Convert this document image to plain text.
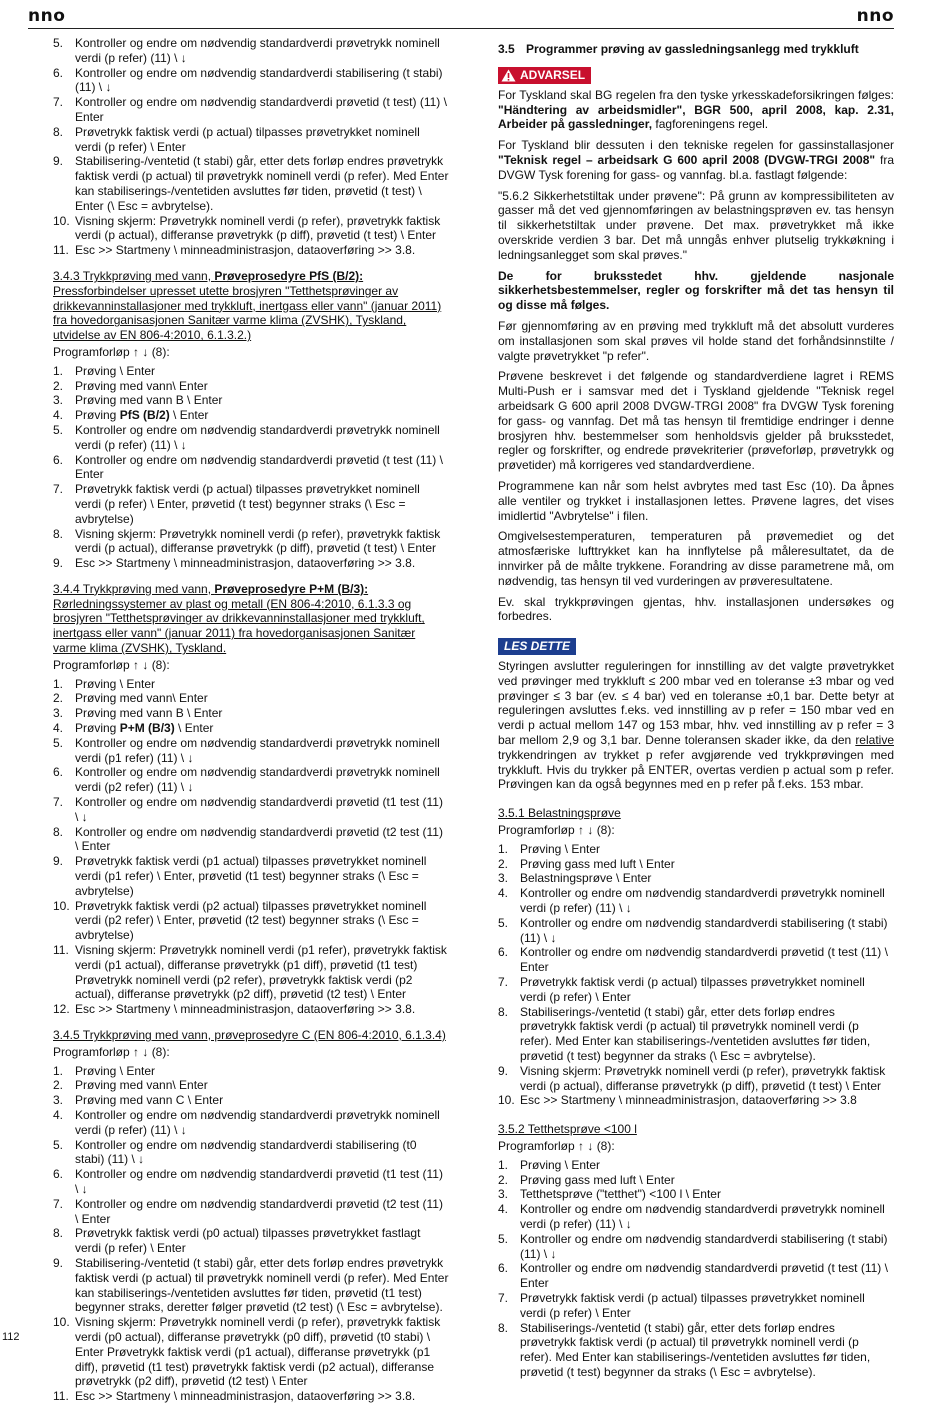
nno	nno
5. Kontroller og endre om nødvendig standardverdi prøvetrykk nominell verdi (p refer) (11) \ ↓
6. Kontroller og endre om nødvendig standardverdi stabilisering (t stabi) (11) \ ↓
7. Kontroller og endre om nødvendig standardverdi prøvetid (t test) (11) \ Enter
8. Prøvetrykk faktisk verdi (p actual) tilpasses prøvetrykket nominell verdi (p refer) \ Enter
9. Stabilisering-/ventetid (t stabi) går, etter dets forløp endres prøvetrykk faktisk verdi (p actual) til prøvetrykk nominell verdi (p refer). Med Enter kan stabiliserings-/ventetiden avsluttes før tiden, prøvetid (t test) \ Enter (\ Esc = avbrytelse).
10. Visning skjerm: Prøvetrykk nominell verdi (p refer), prøvetrykk faktisk verdi (p actual), differanse prøvetrykk (p diff), prøvetid (t test) \ Enter
11. Esc >> Startmeny \ minneadministrasjon, dataoverføring >> 3.8.
3.4.3 Trykkprøving med vann, Prøveprosedyre PfS (B/2): Pressforbindelser upresset utette brosjyren "Tetthetsprøvinger av drikkevanninstallasjoner med trykkluft, inertgass eller vann" (januar 2011) fra hovedorganisasjonen Sanitær varme klima (ZVSHK), Tyskland, utvidelse av EN 806-4:2010, 6.1.3.2.)
Programforløp ↑ ↓ (8):
1. Prøving \ Enter
2. Prøving med vann\ Enter
3. Prøving med vann B \ Enter
4. Prøving PfS (B/2) \ Enter
5. Kontroller og endre om nødvendig standardverdi prøvetrykk nominell verdi (p refer) (11) \ ↓
6. Kontroller og endre om nødvendig standardverdi prøvetid (t test (11) \ Enter
7. Prøvetrykk faktisk verdi (p actual) tilpasses prøvetrykket nominell verdi (p refer) \ Enter, prøvetid (t test) begynner straks (\ Esc = avbrytelse)
8. Visning skjerm: Prøvetrykk nominell verdi (p refer), prøvetrykk faktisk verdi (p actual), differanse prøvetrykk (p diff), prøvetid (t test) \ Enter
9. Esc >> Startmeny \ minneadministrasjon, dataoverføring >> 3.8.
3.4.4 Trykkprøving med vann, Prøveprosedyre P+M (B/3): Rørledningssystemer av plast og metall (EN 806-4:2010, 6.1.3.3 og brosjyren "Tetthetsprøvinger av drikkevanninstallasjoner med trykkluft, inertgass eller vann" (januar 2011) fra hovedorganisasjonen Sanitær varme klima (ZVSHK), Tyskland.
Programforløp ↑ ↓ (8):
1. Prøving \ Enter
2. Prøving med vann\ Enter
3. Prøving med vann B \ Enter
4. Prøving P+M (B/3) \ Enter
5. Kontroller og endre om nødvendig standardverdi prøvetrykk nominell verdi (p1 refer) (11) \ ↓
6. Kontroller og endre om nødvendig standardverdi prøvetrykk nominell verdi (p2 refer) (11) \ ↓
7. Kontroller og endre om nødvendig standardverdi prøvetid (t1 test (11) \ ↓
8. Kontroller og endre om nødvendig standardverdi prøvetid (t2 test (11) \ Enter
9. Prøvetrykk faktisk verdi (p1 actual) tilpasses prøvetrykket nominell verdi (p1 refer) \ Enter, prøvetid (t1 test) begynner straks (\ Esc = avbrytelse)
10. Prøvetrykk faktisk verdi (p2 actual) tilpasses prøvetrykket nominell verdi (p2 refer) \ Enter, prøvetid (t2 test) begynner straks (\ Esc = avbrytelse)
11. Visning skjerm: Prøvetrykk nominell verdi (p1 refer), prøvetrykk faktisk verdi (p1 actual), differanse prøvetrykk (p1 diff), prøvetid (t1 test) Prøvetrykk nominell verdi (p2 refer), prøvetrykk faktisk verdi (p2 actual), differanse prøvetrykk (p2 diff), prøvetid (t2 test) \ Enter
12. Esc >> Startmeny \ minneadministrasjon, dataoverføring >> 3.8.
3.4.5 Trykkprøving med vann, prøveprosedyre C (EN 806-4:2010, 6.1.3.4)
Programforløp ↑ ↓ (8):
1. Prøving \ Enter
2. Prøving med vann\ Enter
3. Prøving med vann C \ Enter
4. Kontroller og endre om nødvendig standardverdi prøvetrykk nominell verdi (p refer) (11) \ ↓
5. Kontroller og endre om nødvendig standardverdi stabilisering (t0 stabi) (11) \ ↓
6. Kontroller og endre om nødvendig standardverdi prøvetid (t1 test (11) \ ↓
7. Kontroller og endre om nødvendig standardverdi prøvetid (t2 test (11) \ Enter
8. Prøvetrykk faktisk verdi (p0 actual) tilpasses prøvetrykket fastlagt verdi (p refer) \ Enter
9. Stabilisering-/ventetid (t stabi) går, etter dets forløp endres prøvetrykk faktisk verdi (p actual) til prøvetrykk nominell verdi (p refer). Med Enter kan stabiliserings-/ventetiden avsluttes før tiden, prøvetid (t1 test) begynner straks, deretter følger prøvetid (t2 test) (\ Esc = avbrytelse).
10. Visning skjerm: Prøvetrykk nominell verdi (p refer), prøvetrykk faktisk verdi (p0 actual), differanse prøvetrykk (p0 diff), prøvetid (t0 stabi) \ Enter Prøvetrykk faktisk verdi (p1 actual), differanse prøvetrykk (p1 diff), prøvetid (t1 test) prøvetrykk faktisk verdi (p2 actual), differanse prøvetrykk (p2 diff), prøvetid (t2 test) \ Enter
11. Esc >> Startmeny \ minneadministrasjon, dataoverføring >> 3.8.
3.5 Programmer prøving av gassledningsanlegg med trykkluft
ADVARSEL

For Tyskland skal BG regelen fra den tyske yrkesskadeforsikringen følges: "Händtering av arbeidsmidler", BGR 500, april 2008, kap. 2.31, Arbeider på gassledninger, fagforeningens regel.

For Tyskland blir dessuten i den tekniske regelen for gassinstallasjoner "Teknisk regel – arbeidsark G 600 april 2008 (DVGW-TRGI 2008" fra DVGW Tysk forening for gass- og vannfag. bl.a. fastlagt følgende:

"5.6.2 Sikkerhetstiltak under prøvene": På grunn av kompressibiliteten av gasser må det ved gjennomføringen av belastningsprøven ev. tas hensyn til sikkerhetstiltak under prøvene. Det max. prøvetrykket må ikke overskride verdien 3 bar. Det må unngås enhver plutselig trykkøkning i ledningsanlegget som skal prøves."

De for bruksstedet hhv. gjeldende nasjonale sikkerhetsbestemmelser, regler og forskrifter må det tas hensyn til og disse må følges.

Før gjennomføring av en prøving med trykkluft må det absolutt vurderes om installasjonen som skal prøves vil holde stand det forhåndsinnstilte / valgte prøvetrykket "p refer".

Prøvene beskrevet i det følgende og standardverdiene lagret i REMS Multi-Push er i samsvar med det i Tyskland gjeldende "Teknisk regel arbeidsark G 600 april 2008 DVGW-TRGI 2008" fra DVGW Tysk forening for gass- og vannfag. Det må tas hensyn til fremtidige endringer i denne brosjyren hhv. bestemmelser som henholdsvis gjelder på bruksstedet, regler og forskrifter, og endrede prøvekriterier (prøveforløp, prøvetrykk og prøvetider) må korrigeres ved standardverdiene.

Programmene kan når som helst avbrytes med tast Esc (10). Da åpnes alle ventiler og trykket i installasjonen lettes. Prøvene lagres, det vises imidlertid "Avbrytelse" i filen.

Omgivelsestemperaturen, temperaturen på prøvemediet og det atmosfæriske lufttrykket kan ha innflytelse på måleresultatet, da de innvirker på de målte trykkene. Forandring av disse parametrene må, om nødvendig, tas hensyn til ved vurderingen av prøveresultatene.

Ev. skal trykkprøvingen gjentas, hhv. installasjonen undersøkes og forbedres.

LES DETTE

Styringen avslutter reguleringen for innstilling av det valgte prøvetrykket ved prøvinger med trykkluft ≤ 200 mbar ved en toleranse ±3 mbar og ved prøvinger ≤ 3 bar (ev. ≤ 4 bar) ved en toleranse ±0,1 bar. Dette betyr at reguleringen avsluttes f.eks. ved innstilling av p refer = 150 mbar ved en verdi p actual mellom 147 og 153 mbar, hhv. ved innstilling av p refer = 3 bar mellom 2,9 og 3,1 bar. Denne toleransen skader ikke, da den relative trykkendringen av trykket p refer avgjørende ved trykkprøvingen med trykkluft. Hvis du trykker på ENTER, overtas verdien p actual som p refer. Prøvingen kan da også begynnes med en p refer på f.eks. 153 mbar.

3.5.1 Belastningsprøve
Programforløp ↑ ↓ (8):
1. Prøving \ Enter
2. Prøving gass med luft \ Enter
3. Belastningsprøve \ Enter
4. Kontroller og endre om nødvendig standardverdi prøvetrykk nominell verdi (p refer) (11) \ ↓
5. Kontroller og endre om nødvendig standardverdi stabilisering (t stabi) (11) \ ↓
6. Kontroller og endre om nødvendig standardverdi prøvetid (t test (11) \ Enter
7. Prøvetrykk faktisk verdi (p actual) tilpasses prøvetrykket nominell verdi (p refer) \ Enter
8. Stabiliserings-/ventetid (t stabi) går, etter dets forløp endres prøvetrykk faktisk verdi (p actual) til prøvetrykk nominell verdi (p refer). Med Enter kan stabiliserings-/ventetiden avsluttes før tiden, prøvetid (t test) begynner da straks (\ Esc = avbrytelse).
9. Visning skjerm: Prøvetrykk nominell verdi (p refer), prøvetrykk faktisk verdi (p actual), differanse prøvetrykk (p diff), prøvetid (t test) \ Enter
10. Esc >> Startmeny \ minneadministrasjon, dataoverføring >> 3.8
3.5.2 Tetthetsprøve <100 l
Programforløp ↑ ↓ (8):
1. Prøving \ Enter
2. Prøving gass med luft \ Enter
3. Tetthetsprøve ("tetthet") <100 l \ Enter
4. Kontroller og endre om nødvendig standardverdi prøvetrykk nominell verdi (p refer) (11) \ ↓
5. Kontroller og endre om nødvendig standardverdi stabilisering (t stabi) (11) \ ↓
6. Kontroller og endre om nødvendig standardverdi prøvetid (t test (11) \ Enter
7. Prøvetrykk faktisk verdi (p actual) tilpasses prøvetrykket nominell verdi (p refer) \ Enter
8. Stabiliserings-/ventetid (t stabi) går, etter dets forløp endres prøvetrykk faktisk verdi (p actual) til prøvetrykk nominell verdi (p refer). Med Enter kan stabiliserings-/ventetiden avsluttes før tiden, prøvetid (t test) begynner da straks (\ Esc = avbrytelse).
112
